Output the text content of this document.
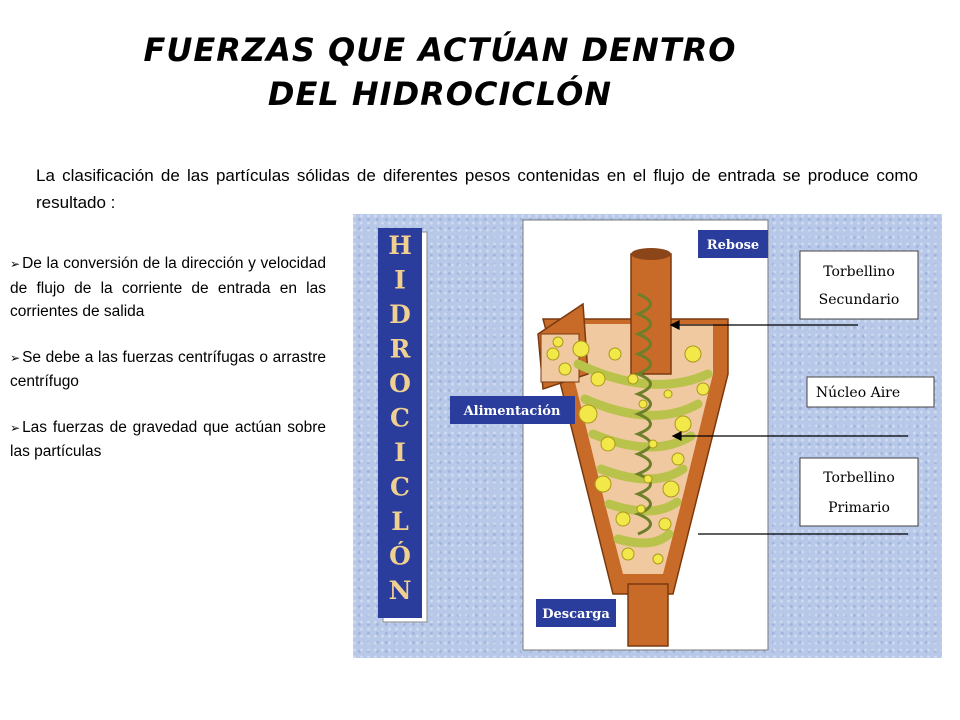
FUERZAS QUE ACTÚAN DENTRO
DEL HIDROCICLÓN
La clasificación de las partículas sólidas de diferentes pesos contenidas en el flujo de entrada se produce como resultado :
➢ De la conversión de la dirección y velocidad de flujo de la corriente de entrada en las corrientes de salida
➢ Se debe a las fuerzas centrífugas o arrastre centrífugo
➢ Las fuerzas de gravedad que actúan sobre las partículas
H
I
D
R
O
C
I
C
L
Ó
N
Rebose
Alimentación
Descarga
Torbellino
Secundario
Núcleo Aire
Torbellino
Primario
